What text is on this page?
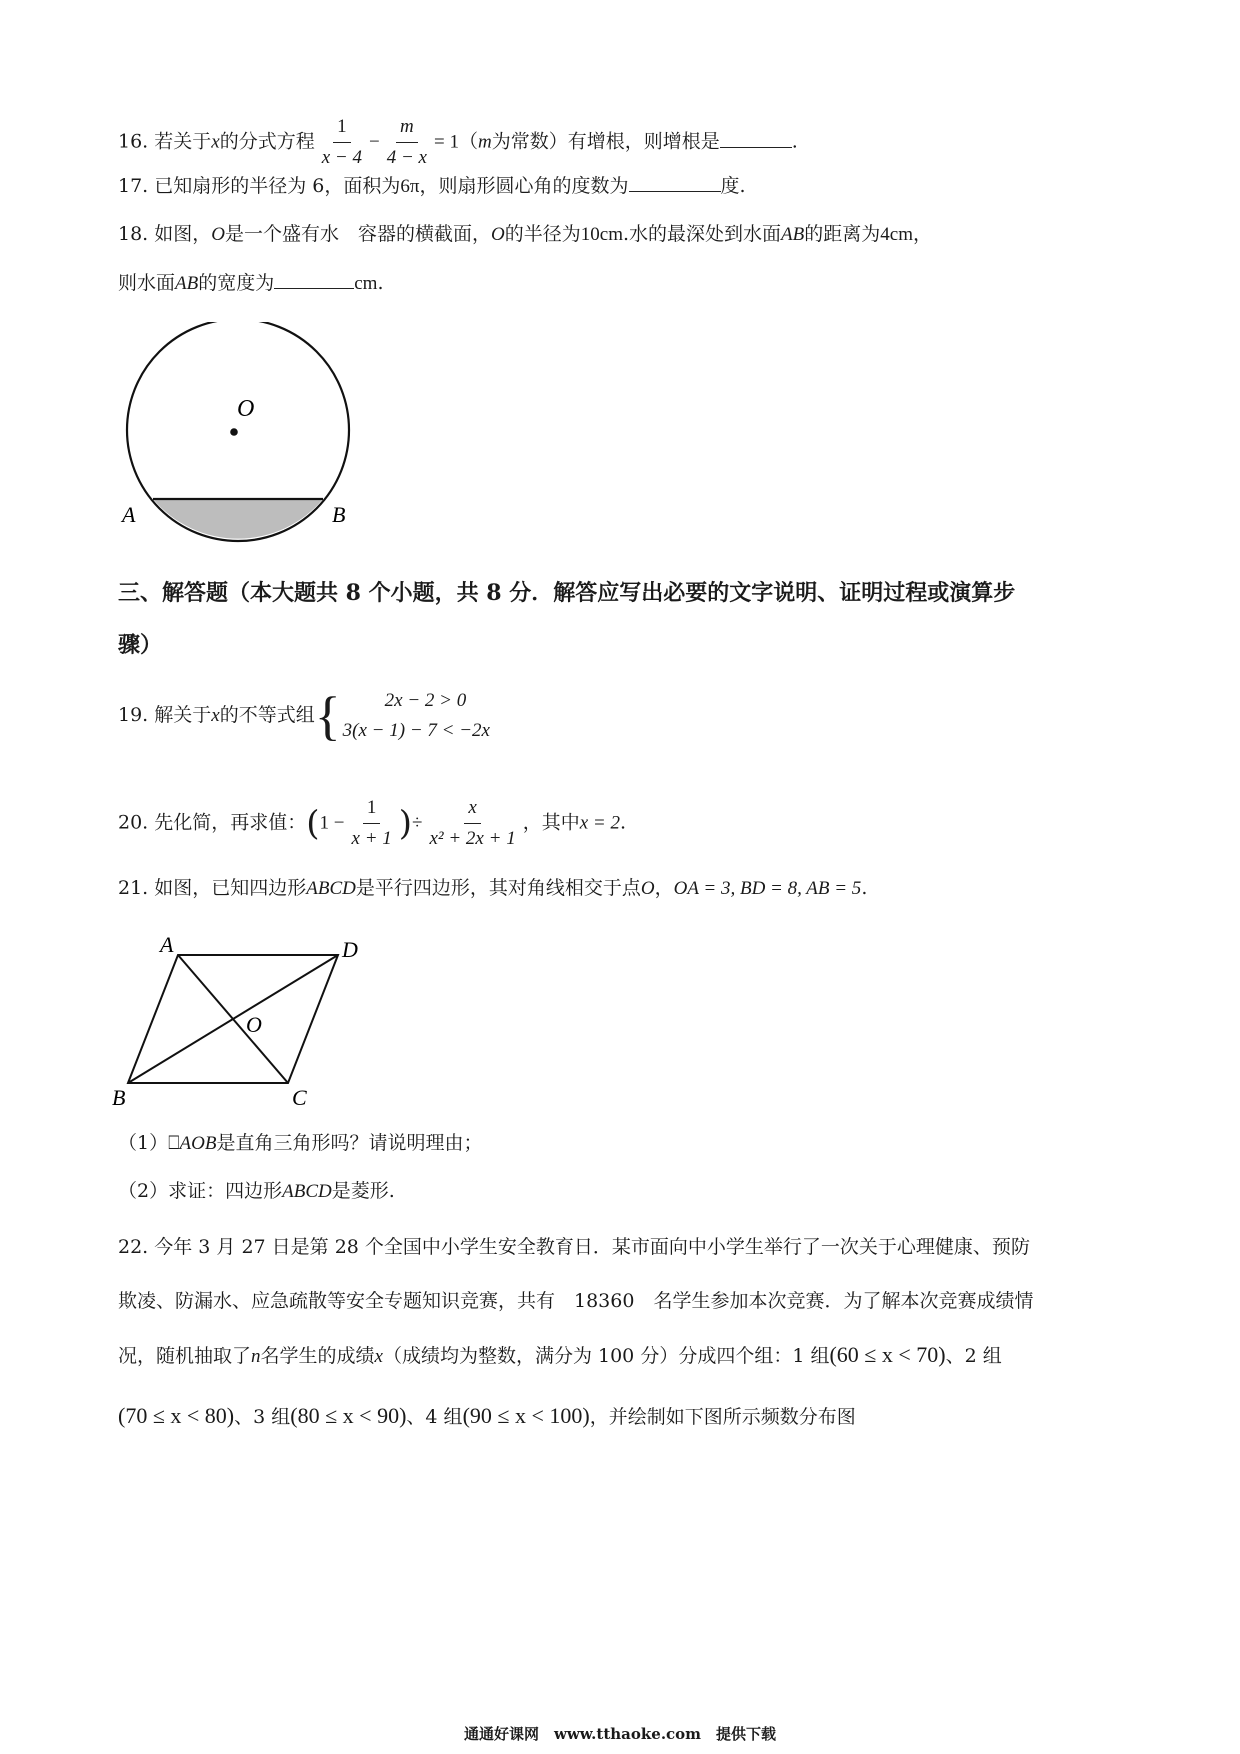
16. 若关于x的分式方程 $\frac{1}{x - 4} - \frac{m}{4 - x} = 1(m$为常数）有增根，则增根是	.
17. 已知扇形的半径为 6，面积为6π，则扇形圆心角的度数为	度.
18. 如图，O是一个盛有水　容器的横截面，O的半径为10cm.水的最深处到水面AB的距离为4cm，
则水面AB的宽度为	cm.
O
A	B
三、解答题（本大题共 8 个小题，共 8 分．解答应写出必要的文字说明、证明过程或演算步
骤）
19. 解关于x的不等式组 {	2x − 2 > 0
3(x − 1) − 7 < −2x
20. 先化简，再求值：($1 - \frac{1}{x + 1}$ )÷ $\frac{x}{\text{x² + 2x + 1}}$ ，其中x = 2.
21. 如图，已知四边形ABCD是平行四边形，其对角线相交于点O，OA = 3, BD = 8, AB = 5.
A	D
O
B	C
（1）⎕AOB是直角三角形吗？请说明理由；
（2）求证：四边形ABCD是菱形.
22. 今年 3 月 27 日是第 28 个全国中小学生安全教育日．某市面向中小学生举行了一次关于心理健康、预防
欺凌、防漏水、应急疏散等安全专题知识竞赛，共有　18360　名学生参加本次竞赛．为了解本次竞赛成绩情
况，随机抽取了n名学生的成绩x（成绩均为整数，满分为 100 分）分成四个组：1 组(60 ≤ x < 70)、2 组
(70 ≤ x < 80)、3 组(80 ≤ x < 90)、4 组(90 ≤ x < 100)，并绘制如下图所示频数分布图
通通好课网　www.tthaoke.com　提供下载
